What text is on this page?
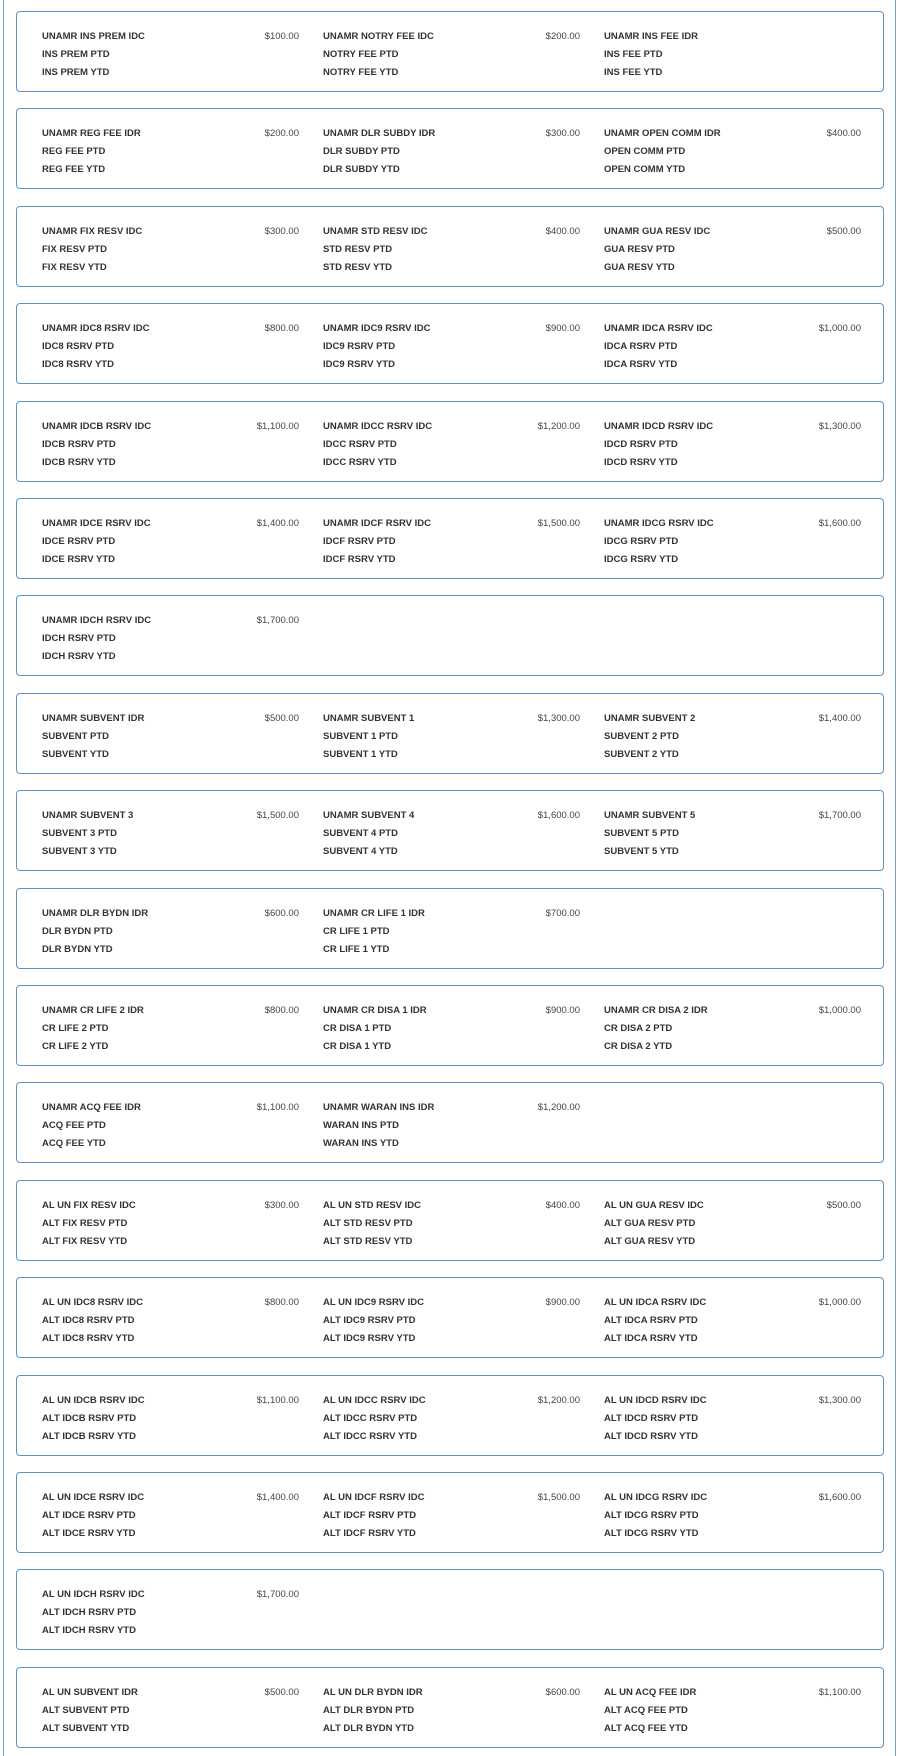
UNAMR INS PREM IDC	$100.00
INS PREM PTD
INS PREM YTD
UNAMR NOTRY FEE IDC	$200.00
NOTRY FEE PTD
NOTRY FEE YTD
UNAMR INS FEE IDR
INS FEE PTD
INS FEE YTD
UNAMR REG FEE IDR	$200.00
REG FEE PTD
REG FEE YTD
UNAMR DLR SUBDY IDR	$300.00
DLR SUBDY PTD
DLR SUBDY YTD
UNAMR OPEN COMM IDR	$400.00
OPEN COMM PTD
OPEN COMM YTD
UNAMR FIX RESV IDC	$300.00
FIX RESV PTD
FIX RESV YTD
UNAMR STD RESV IDC	$400.00
STD RESV PTD
STD RESV YTD
UNAMR GUA RESV IDC	$500.00
GUA RESV PTD
GUA RESV YTD
UNAMR IDC8 RSRV IDC	$800.00
IDC8 RSRV PTD
IDC8 RSRV YTD
UNAMR IDC9 RSRV IDC	$900.00
IDC9 RSRV PTD
IDC9 RSRV YTD
UNAMR IDCA RSRV IDC	$1,000.00
IDCA RSRV PTD
IDCA RSRV YTD
UNAMR IDCB RSRV IDC	$1,100.00
IDCB RSRV PTD
IDCB RSRV YTD
UNAMR IDCC RSRV IDC	$1,200.00
IDCC RSRV PTD
IDCC RSRV YTD
UNAMR IDCD RSRV IDC	$1,300.00
IDCD RSRV PTD
IDCD RSRV YTD
UNAMR IDCE RSRV IDC	$1,400.00
IDCE RSRV PTD
IDCE RSRV YTD
UNAMR IDCF RSRV IDC	$1,500.00
IDCF RSRV PTD
IDCF RSRV YTD
UNAMR IDCG RSRV IDC	$1,600.00
IDCG RSRV PTD
IDCG RSRV YTD
UNAMR IDCH RSRV IDC	$1,700.00
IDCH RSRV PTD
IDCH RSRV YTD
UNAMR SUBVENT IDR	$500.00
SUBVENT PTD
SUBVENT YTD
UNAMR SUBVENT 1	$1,300.00
SUBVENT 1 PTD
SUBVENT 1 YTD
UNAMR SUBVENT 2	$1,400.00
SUBVENT 2 PTD
SUBVENT 2 YTD
UNAMR SUBVENT 3	$1,500.00
SUBVENT 3 PTD
SUBVENT 3 YTD
UNAMR SUBVENT 4	$1,600.00
SUBVENT 4 PTD
SUBVENT 4 YTD
UNAMR SUBVENT 5	$1,700.00
SUBVENT 5 PTD
SUBVENT 5 YTD
UNAMR DLR BYDN IDR	$600.00
DLR BYDN PTD
DLR BYDN YTD
UNAMR CR LIFE 1 IDR	$700.00
CR LIFE 1 PTD
CR LIFE 1 YTD
UNAMR CR LIFE 2 IDR	$800.00
CR LIFE 2 PTD
CR LIFE 2 YTD
UNAMR CR DISA 1 IDR	$900.00
CR DISA 1 PTD
CR DISA 1 YTD
UNAMR CR DISA 2 IDR	$1,000.00
CR DISA 2 PTD
CR DISA 2 YTD
UNAMR ACQ FEE IDR	$1,100.00
ACQ FEE PTD
ACQ FEE YTD
UNAMR WARAN INS IDR	$1,200.00
WARAN INS PTD
WARAN INS YTD
AL UN FIX RESV IDC	$300.00
ALT FIX RESV PTD
ALT FIX RESV YTD
AL UN STD RESV IDC	$400.00
ALT STD RESV PTD
ALT STD RESV YTD
AL UN GUA RESV IDC	$500.00
ALT GUA RESV PTD
ALT GUA RESV YTD
AL UN IDC8 RSRV IDC	$800.00
ALT IDC8 RSRV PTD
ALT IDC8 RSRV YTD
AL UN IDC9 RSRV IDC	$900.00
ALT IDC9 RSRV PTD
ALT IDC9 RSRV YTD
AL UN IDCA RSRV IDC	$1,000.00
ALT IDCA RSRV PTD
ALT IDCA RSRV YTD
AL UN IDCB RSRV IDC	$1,100.00
ALT IDCB RSRV PTD
ALT IDCB RSRV YTD
AL UN IDCC RSRV IDC	$1,200.00
ALT IDCC RSRV PTD
ALT IDCC RSRV YTD
AL UN IDCD RSRV IDC	$1,300.00
ALT IDCD RSRV PTD
ALT IDCD RSRV YTD
AL UN IDCE RSRV IDC	$1,400.00
ALT IDCE RSRV PTD
ALT IDCE RSRV YTD
AL UN IDCF RSRV IDC	$1,500.00
ALT IDCF RSRV PTD
ALT IDCF RSRV YTD
AL UN IDCG RSRV IDC	$1,600.00
ALT IDCG RSRV PTD
ALT IDCG RSRV YTD
AL UN IDCH RSRV IDC	$1,700.00
ALT IDCH RSRV PTD
ALT IDCH RSRV YTD
AL UN SUBVENT IDR	$500.00
ALT SUBVENT PTD
ALT SUBVENT YTD
AL UN DLR BYDN IDR	$600.00
ALT DLR BYDN PTD
ALT DLR BYDN YTD
AL UN ACQ FEE IDR	$1,100.00
ALT ACQ FEE PTD
ALT ACQ FEE YTD
